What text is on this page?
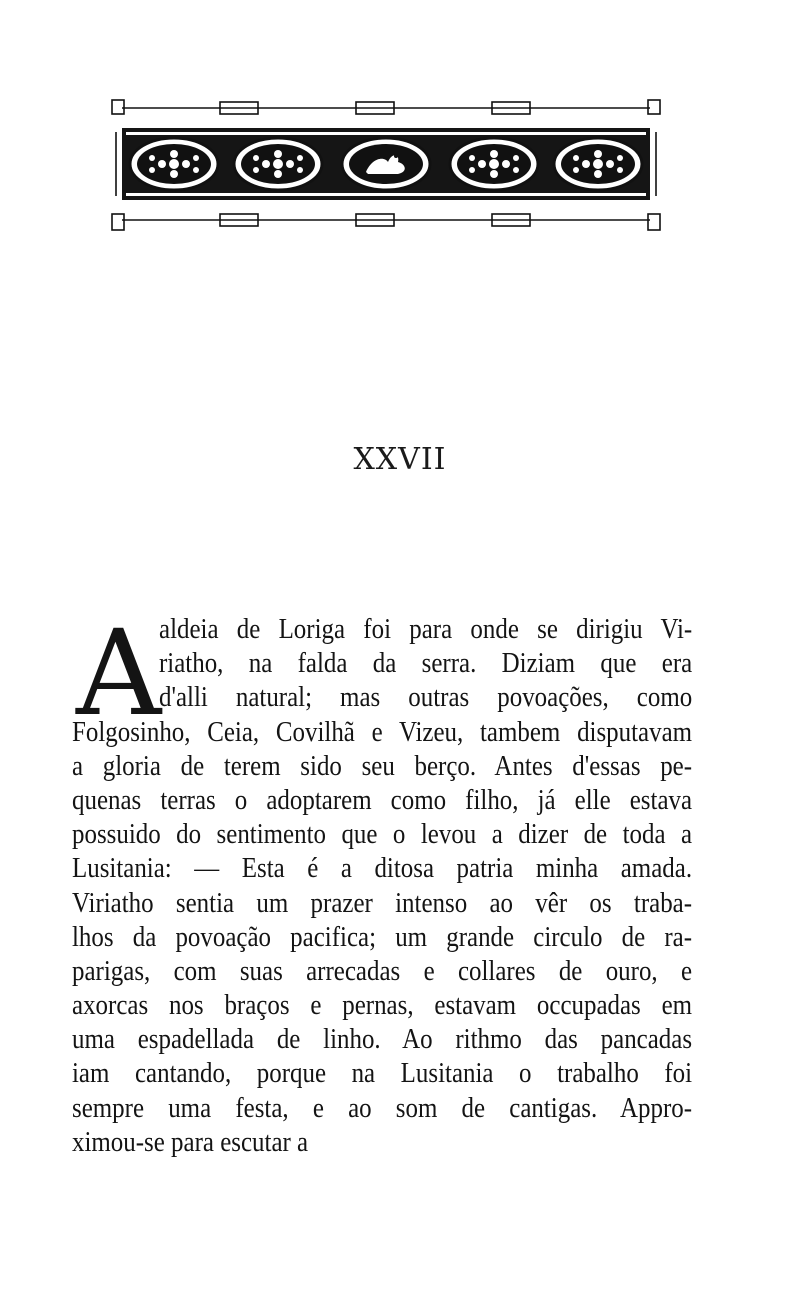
XXVII
A
aldeia de Loriga foi para onde se dirigiu Vi-
riatho, na falda da serra. Diziam que era
d'alli natural; mas outras povoações, como
Folgosinho, Ceia, Covilhã e Vizeu, tambem disputavam
a gloria de terem sido seu berço. Antes d'essas pe-
quenas terras o adoptarem como filho, já elle estava
possuido do sentimento que o levou a dizer de toda a
Lusitania: — Esta é a ditosa patria minha amada.
Viriatho sentia um prazer intenso ao vêr os traba-
lhos da povoação pacifica; um grande circulo de ra-
parigas, com suas arrecadas e collares de ouro, e
axorcas nos braços e pernas, estavam occupadas em
uma espadellada de linho. Ao rithmo das pancadas
iam cantando, porque na Lusitania o trabalho foi
sempre uma festa, e ao som de cantigas. Appro-
ximou-se para escutar a
